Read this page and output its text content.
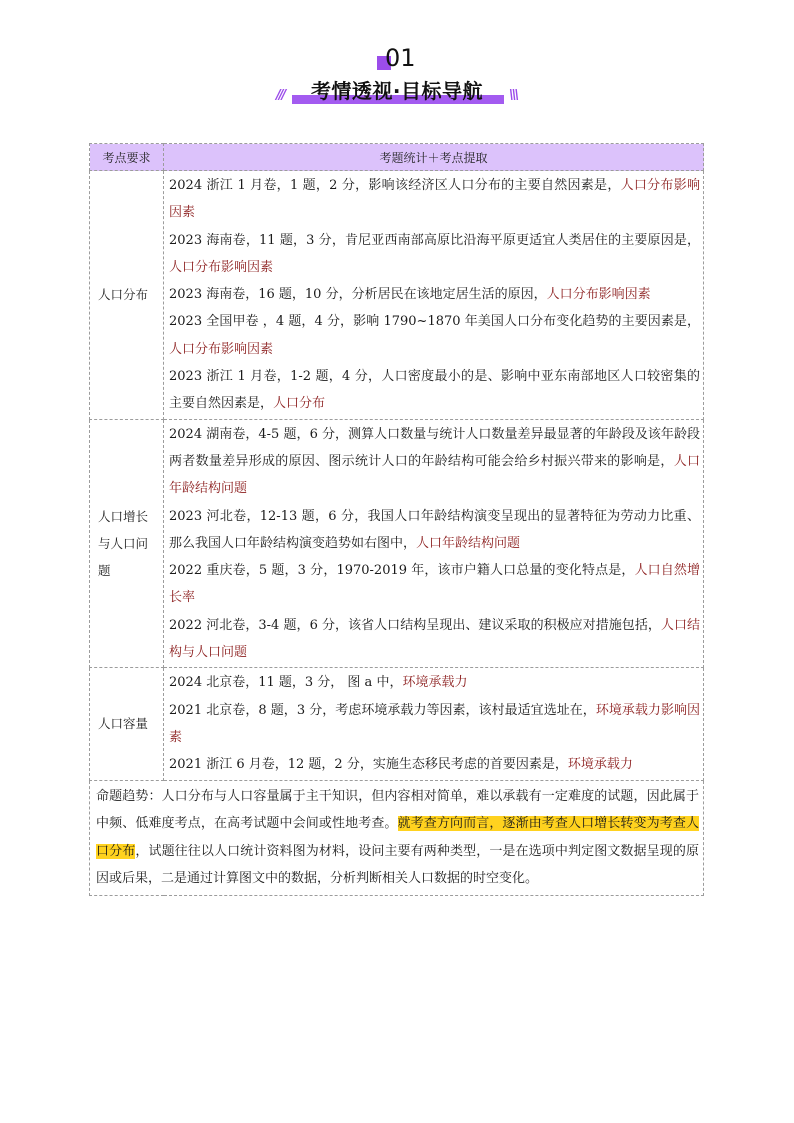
01
///	考情透视·目标导航	\\\
考点要求	考题统计＋考点提取
人口分布	2024 浙江 1 月卷，1 题，2 分，影响该经济区人口分布的主要自然因素是，人口分布影响因素

2023 海南卷，11 题，3 分，肯尼亚西南部高原比沿海平原更适宜人类居住的主要原因是，人口分布影响因素

2023 海南卷，16 题，10 分，分析居民在该地定居生活的原因，人口分布影响因素

2023 全国甲卷 ，4 题，4 分，影响 1790~1870 年美国人口分布变化趋势的主要因素是，人口分布影响因素

2023 浙江 1 月卷，1-2 题，4 分，人口密度最小的是、影响中亚东南部地区人口较密集的主要自然因素是，人口分布

人口增长与人口问题	2024 湖南卷，4-5 题，6 分，测算人口数量与统计人口数量差异最显著的年龄段及该年龄段两者数量差异形成的原因、图示统计人口的年龄结构可能会给乡村振兴带来的影响是，人口年龄结构问题

2023 河北卷，12-13 题，6 分，我国人口年龄结构演变呈现出的显著特征为劳动力比重、那么我国人口年龄结构演变趋势如右图中，人口年龄结构问题

2022 重庆卷，5 题，3 分，1970-2019 年，该市户籍人口总量的变化特点是，人口自然增长率

2022 河北卷，3-4 题，6 分，该省人口结构呈现出、建议采取的积极应对措施包括，人口结构与人口问题

人口容量	2024 北京卷，11 题，3 分， 图 a 中，环境承载力

2021 北京卷，8 题，3 分，考虑环境承载力等因素，该村最适宜选址在，环境承载力影响因素

2021 浙江 6 月卷，12 题，2 分，实施生态移民考虑的首要因素是，环境承载力

命题趋势：人口分布与人口容量属于主干知识，但内容相对简单，难以承载有一定难度的试题，因此属于中频、低难度考点，在高考试题中会间或性地考查。就考查方向而言，逐渐由考查人口增长转变为考查人口分布，试题往往以人口统计资料图为材料，设问主要有两种类型，一是在选项中判定图文数据呈现的原因或后果，二是通过计算图文中的数据，分析判断相关人口数据的时空变化。	
